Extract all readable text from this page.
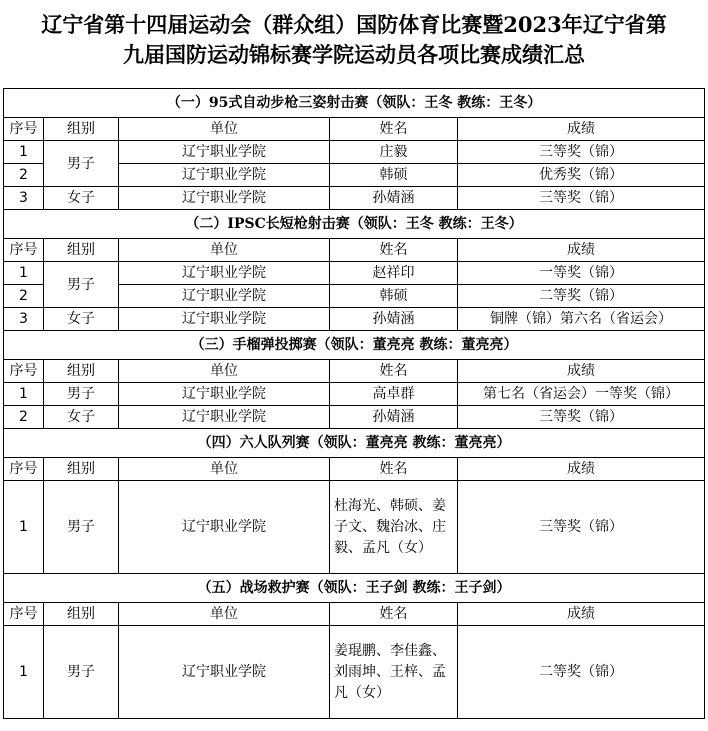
辽宁省第十四届运动会（群众组）国防体育比赛暨2023年辽宁省第
九届国防运动锦标赛学院运动员各项比赛成绩汇总
（一）95式自动步枪三姿射击赛（领队：王冬 教练：王冬）				
序号	组别	单位	姓名	成绩
1	男子	辽宁职业学院	庄毅	三等奖（锦）
2		辽宁职业学院	韩硕	优秀奖（锦）
3	女子	辽宁职业学院	孙婧涵	三等奖（锦）
（二）IPSC长短枪射击赛（领队：王冬 教练：王冬）				
序号	组别	单位	姓名	成绩
1	男子	辽宁职业学院	赵祥印	一等奖（锦）
2		辽宁职业学院	韩硕	二等奖（锦）
3	女子	辽宁职业学院	孙婧涵	铜牌（锦）第六名（省运会）
（三）手榴弹投掷赛（领队：董亮亮 教练：董亮亮）				
序号	组别	单位	姓名	成绩
1	男子	辽宁职业学院	高卓群	第七名（省运会）一等奖（锦）
2	女子	辽宁职业学院	孙婧涵	三等奖（锦）
（四）六人队列赛（领队：董亮亮 教练：董亮亮）				
序号	组别	单位	姓名	成绩
1	男子	辽宁职业学院	杜海光、韩硕、姜子文、魏治冰、庄毅、孟凡（女）	三等奖（锦）
（五）战场救护赛（领队：王子剑 教练：王子剑）				
序号	组别	单位	姓名	成绩
1	男子	辽宁职业学院	姜琨鹏、李佳鑫、刘雨坤、王梓、孟凡（女）	二等奖（锦）
